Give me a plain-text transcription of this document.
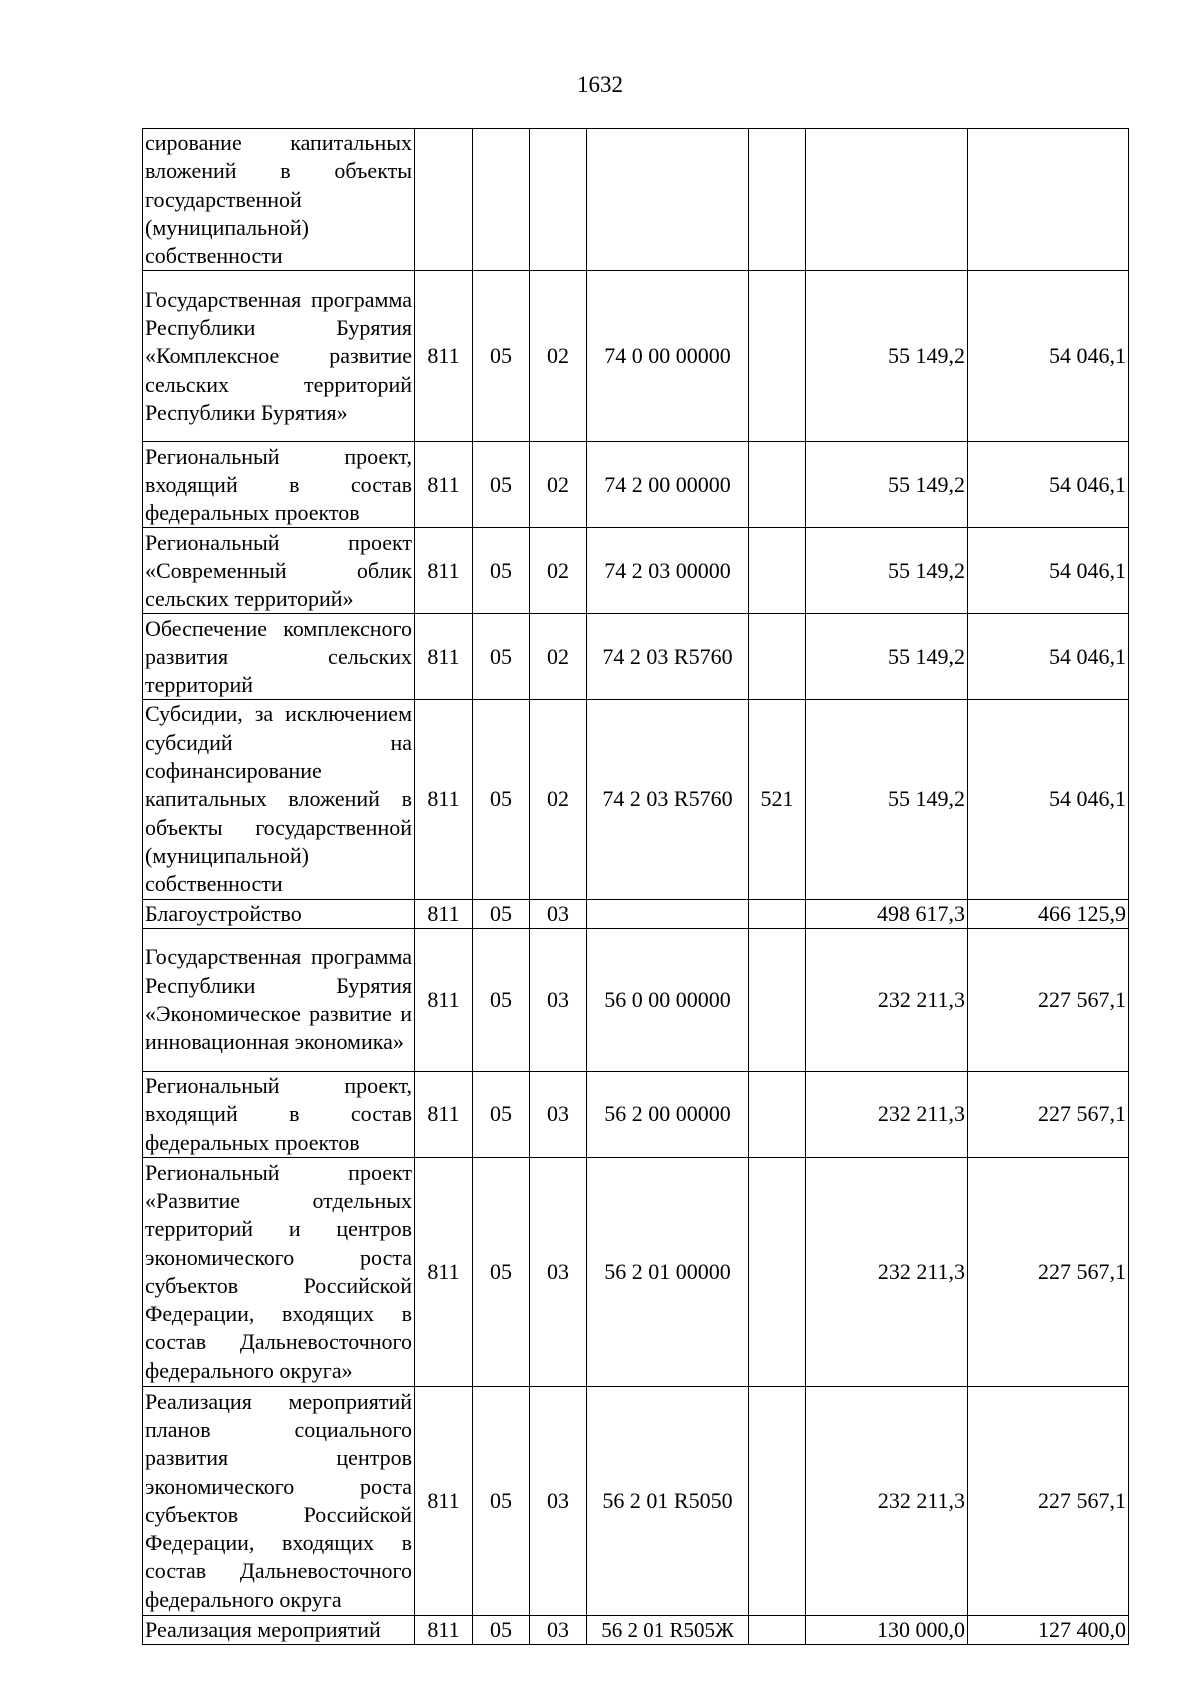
1632
сирование капитальных вложений в объекты государственной (муниципальной) собственности							
Государственная программа Республики Бурятия «Комплексное развитие сельских территорий Республики Бурятия»	811	05	02	74 0 00 00000		55 149,2	54 046,1
Региональный проект, входящий в состав федеральных проектов	811	05	02	74 2 00 00000		55 149,2	54 046,1
Региональный проект «Современный облик сельских территорий»	811	05	02	74 2 03 00000		55 149,2	54 046,1
Обеспечение комплексного развития сельских территорий	811	05	02	74 2 03 R5760		55 149,2	54 046,1
Субсидии, за исключением субсидий на софинансирование капитальных вложений в объекты государственной (муниципальной) собственности	811	05	02	74 2 03 R5760	521	55 149,2	54 046,1
Благоустройство	811	05	03			498 617,3	466 125,9
Государственная программа Республики Бурятия «Экономическое развитие и инновационная экономика»	811	05	03	56 0 00 00000		232 211,3	227 567,1
Региональный проект, входящий в состав федеральных проектов	811	05	03	56 2 00 00000		232 211,3	227 567,1
Региональный проект «Развитие отдельных территорий и центров экономического роста субъектов Российской Федерации, входящих в состав Дальневосточного федерального округа»	811	05	03	56 2 01 00000		232 211,3	227 567,1
Реализация мероприятий планов социального развития центров экономического роста субъектов Российской Федерации, входящих в состав Дальневосточного федерального округа	811	05	03	56 2 01 R5050		232 211,3	227 567,1
Реализация мероприятий	811	05	03	56 2 01 R505Ж		130 000,0	127 400,0
